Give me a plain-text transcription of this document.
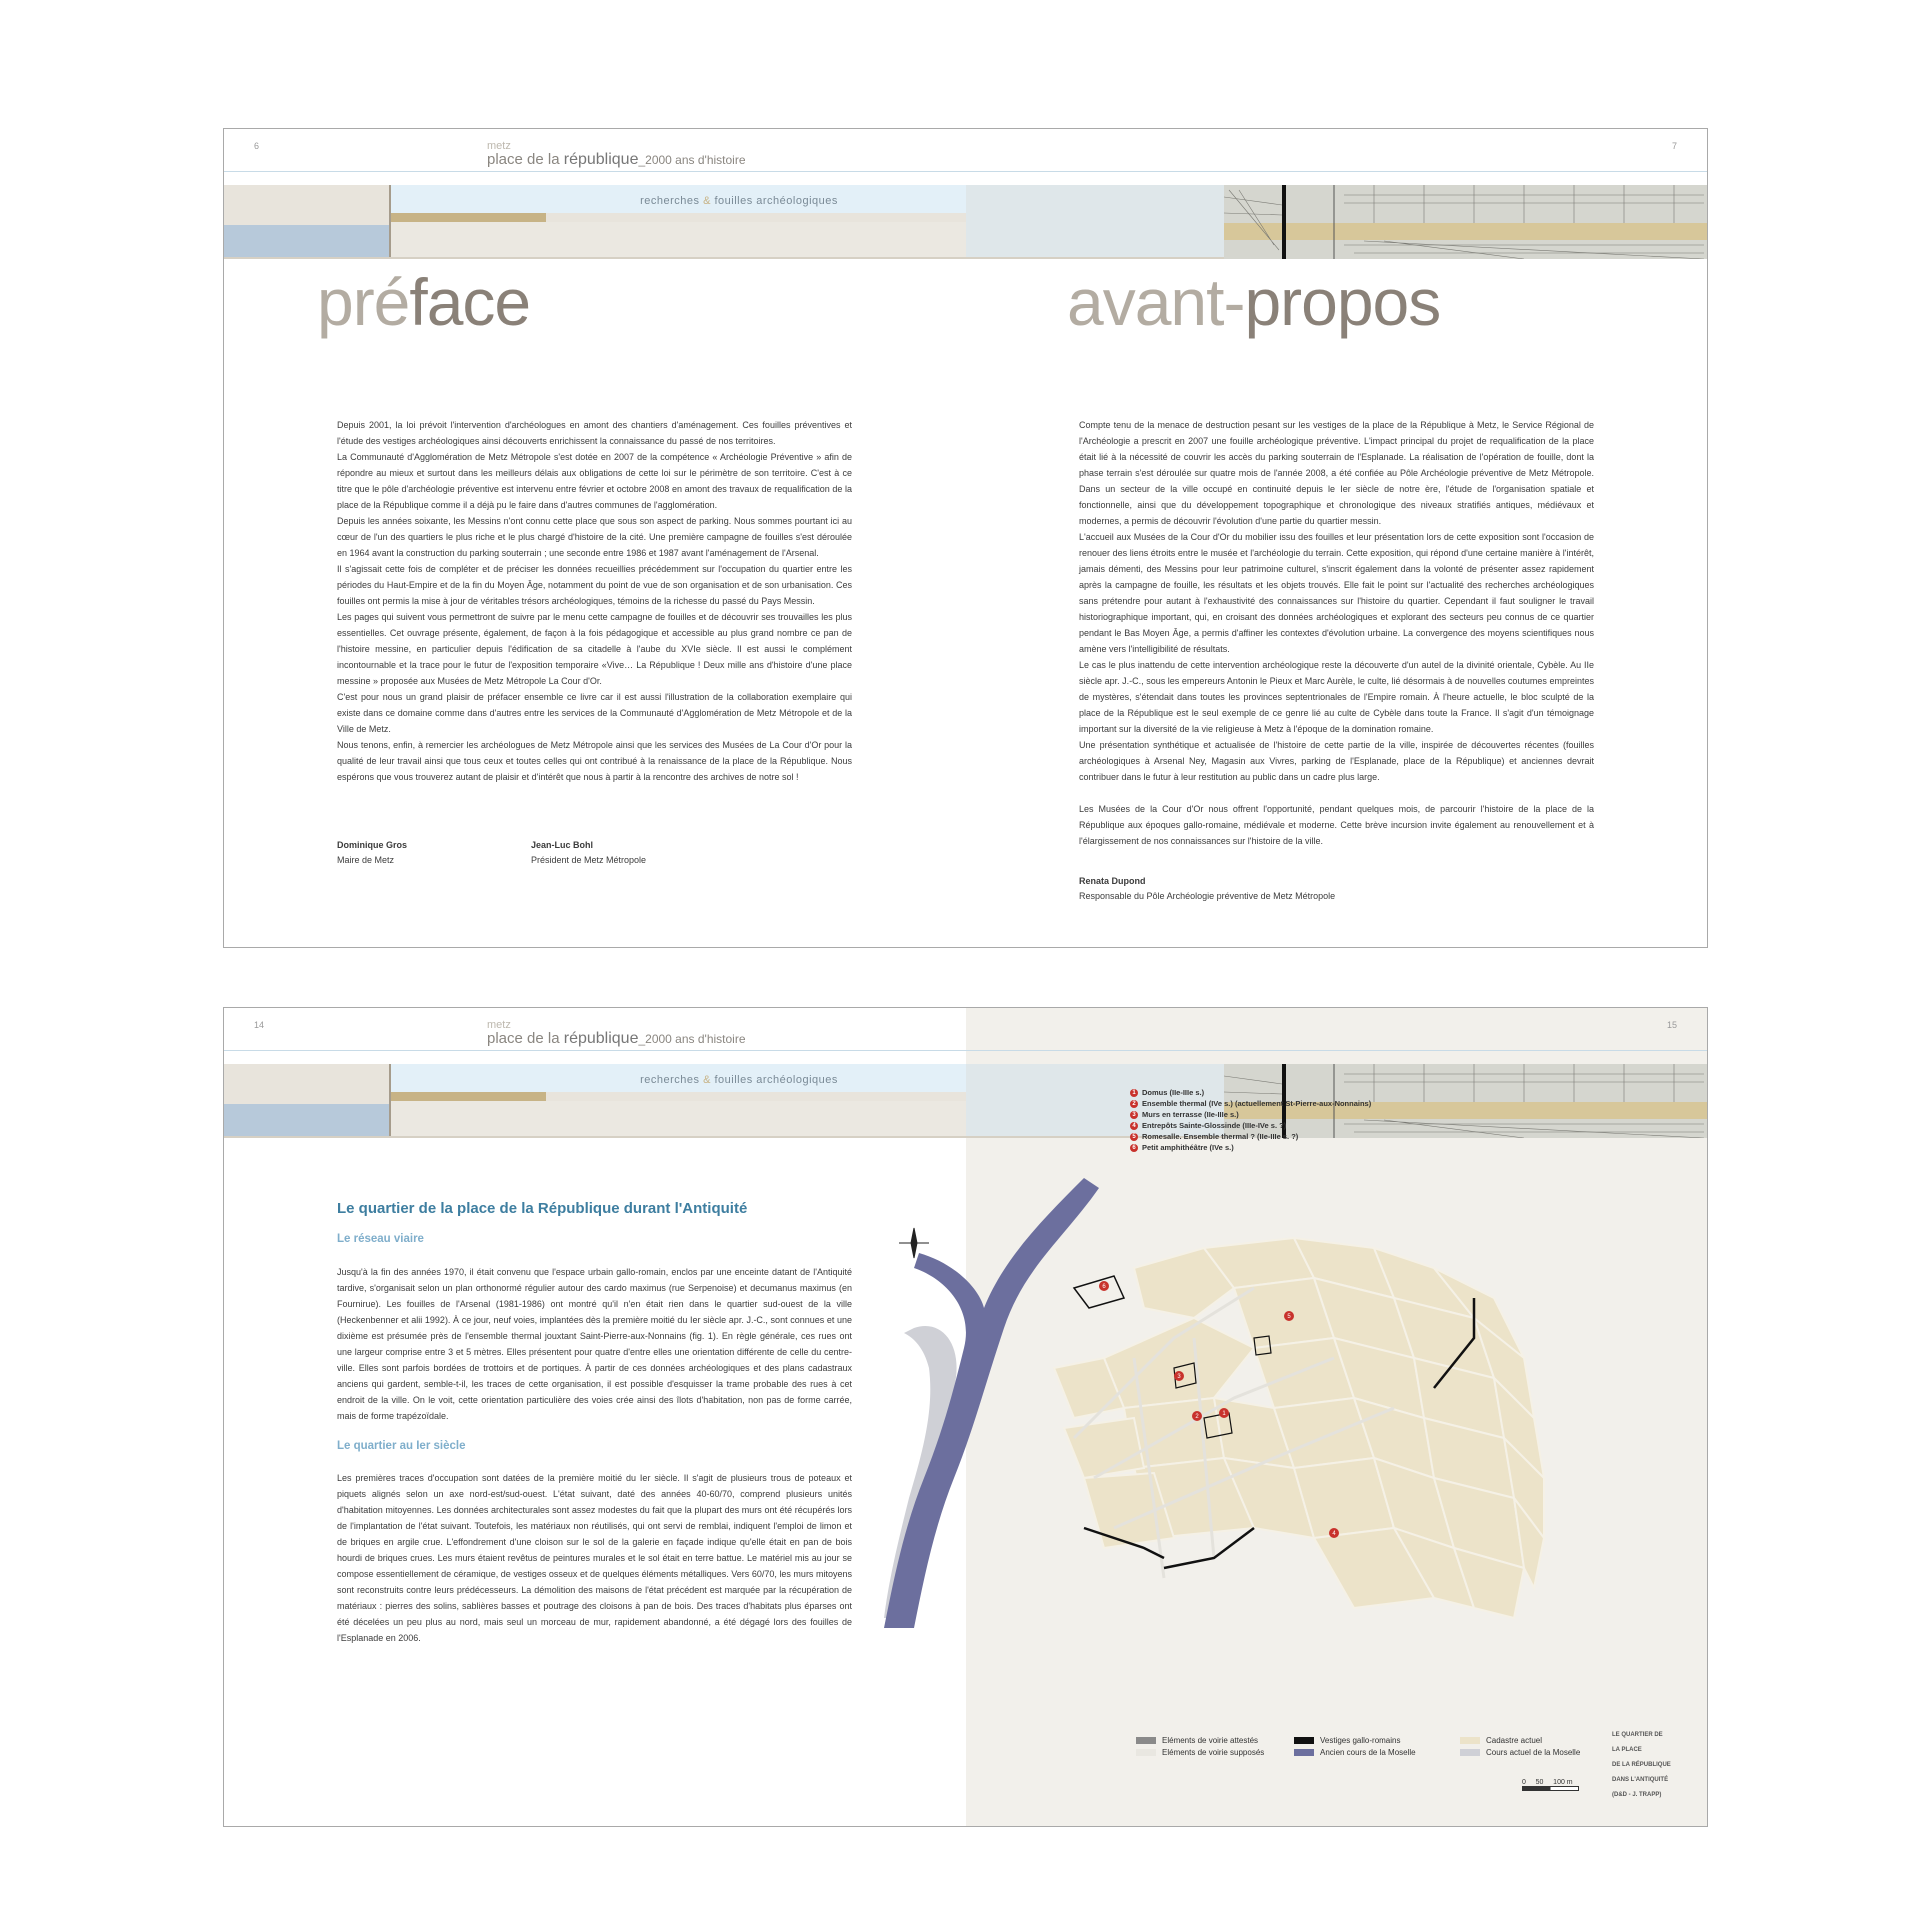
6	7
metz
place de la république_2000 ans d'histoire
recherches & fouilles archéologiques
préface	avant-propos

Depuis 2001, la loi prévoit l'intervention d'archéologues en amont des chantiers d'aménagement. Ces fouilles préventives et l'étude des vestiges archéologiques ainsi découverts enrichissent la connaissance du passé de nos territoires.

La Communauté d'Agglomération de Metz Métropole s'est dotée en 2007 de la compétence « Archéologie Préventive » afin de répondre au mieux et surtout dans les meilleurs délais aux obligations de cette loi sur le périmètre de son territoire. C'est à ce titre que le pôle d'archéologie préventive est intervenu entre février et octobre 2008 en amont des travaux de requalification de la place de la République comme il a déjà pu le faire dans d'autres communes de l'agglomération.

Depuis les années soixante, les Messins n'ont connu cette place que sous son aspect de parking. Nous sommes pourtant ici au cœur de l'un des quartiers le plus riche et le plus chargé d'histoire de la cité. Une première campagne de fouilles s'est déroulée en 1964 avant la construction du parking souterrain ; une seconde entre 1986 et 1987 avant l'aménagement de l'Arsenal.

Il s'agissait cette fois de compléter et de préciser les données recueillies précédemment sur l'occupation du quartier entre les périodes du Haut-Empire et de la fin du Moyen Âge, notamment du point de vue de son organisation et de son urbanisation. Ces fouilles ont permis la mise à jour de véritables trésors archéologiques, témoins de la richesse du passé du Pays Messin.

Les pages qui suivent vous permettront de suivre par le menu cette campagne de fouilles et de découvrir ses trouvailles les plus essentielles. Cet ouvrage présente, également, de façon à la fois pédagogique et accessible au plus grand nombre ce pan de l'histoire messine, en particulier depuis l'édification de sa citadelle à l'aube du XVIe siècle. Il est aussi le complément incontournable et la trace pour le futur de l'exposition temporaire «Vive… La République ! Deux mille ans d'histoire d'une place messine » proposée aux Musées de Metz Métropole La Cour d'Or.

C'est pour nous un grand plaisir de préfacer ensemble ce livre car il est aussi l'illustration de la collaboration exemplaire qui existe dans ce domaine comme dans d'autres entre les services de la Communauté d'Agglomération de Metz Métropole et de la Ville de Metz.

Nous tenons, enfin, à remercier les archéologues de Metz Métropole ainsi que les services des Musées de La Cour d'Or pour la qualité de leur travail ainsi que tous ceux et toutes celles qui ont contribué à la renaissance de la place de la République. Nous espérons que vous trouverez autant de plaisir et d'intérêt que nous à partir à la rencontre des archives de notre sol !

Dominique Gros
Maire de Metz
Jean-Luc Bohl
Président de Metz Métropole

Compte tenu de la menace de destruction pesant sur les vestiges de la place de la République à Metz, le Service Régional de l'Archéologie a prescrit en 2007 une fouille archéologique préventive. L'impact principal du projet de requalification de la place était lié à la nécessité de couvrir les accès du parking souterrain de l'Esplanade. La réalisation de l'opération de fouille, dont la phase terrain s'est déroulée sur quatre mois de l'année 2008, a été confiée au Pôle Archéologie préventive de Metz Métropole. Dans un secteur de la ville occupé en continuité depuis le Ier siècle de notre ère, l'étude de l'organisation spatiale et fonctionnelle, ainsi que du développement topographique et chronologique des niveaux stratifiés antiques, médiévaux et modernes, a permis de découvrir l'évolution d'une partie du quartier messin.

L'accueil aux Musées de la Cour d'Or du mobilier issu des fouilles et leur présentation lors de cette exposition sont l'occasion de renouer des liens étroits entre le musée et l'archéologie du terrain. Cette exposition, qui répond d'une certaine manière à l'intérêt, jamais démenti, des Messins pour leur patrimoine culturel, s'inscrit également dans la volonté de présenter assez rapidement après la campagne de fouille, les résultats et les objets trouvés. Elle fait le point sur l'actualité des recherches archéologiques sans prétendre pour autant à l'exhaustivité des connaissances sur l'histoire du quartier. Cependant il faut souligner le travail historiographique important, qui, en croisant des données archéologiques et explorant des secteurs peu connus de ce quartier pendant le Bas Moyen Âge, a permis d'affiner les contextes d'évolution urbaine. La convergence des moyens scientifiques nous amène vers l'intelligibilité de résultats.

Le cas le plus inattendu de cette intervention archéologique reste la découverte d'un autel de la divinité orientale, Cybèle. Au IIe siècle apr. J.-C., sous les empereurs Antonin le Pieux et Marc Aurèle, le culte, lié désormais à de nouvelles coutumes empreintes de mystères, s'étendait dans toutes les provinces septentrionales de l'Empire romain. À l'heure actuelle, le bloc sculpté de la place de la République est le seul exemple de ce genre lié au culte de Cybèle dans toute la France. Il s'agit d'un témoignage important sur la diversité de la vie religieuse à Metz à l'époque de la domination romaine.

Une présentation synthétique et actualisée de l'histoire de cette partie de la ville, inspirée de découvertes récentes (fouilles archéologiques à Arsenal Ney, Magasin aux Vivres, parking de l'Esplanade, place de la République) et anciennes devrait contribuer dans le futur à leur restitution au public dans un cadre plus large.

Les Musées de la Cour d'Or nous offrent l'opportunité, pendant quelques mois, de parcourir l'histoire de la place de la République aux époques gallo-romaine, médiévale et moderne. Cette brève incursion invite également au renouvellement et à l'élargissement de nos connaissances sur l'histoire de la ville.

Renata Dupond
Responsable du Pôle Archéologie préventive de Metz Métropole
14	15
metz
place de la république_2000 ans d'histoire
recherches & fouilles archéologiques
Le quartier de la place de la République durant l'Antiquité
Le réseau viaire
Jusqu'à la fin des années 1970, il était convenu que l'espace urbain gallo-romain, enclos par une enceinte datant de l'Antiquité tardive, s'organisait selon un plan orthonormé régulier autour des cardo maximus (rue Serpenoise) et decumanus maximus (en Fournirue). Les fouilles de l'Arsenal (1981-1986) ont montré qu'il n'en était rien dans le quartier sud-ouest de la ville (Heckenbenner et alii 1992). À ce jour, neuf voies, implantées dès la première moitié du Ier siècle apr. J.-C., sont connues et une dixième est présumée près de l'ensemble thermal jouxtant Saint-Pierre-aux-Nonnains (fig. 1). En règle générale, ces rues ont une largeur comprise entre 3 et 5 mètres. Elles présentent pour quatre d'entre elles une orientation différente de celle du centre-ville. Elles sont parfois bordées de trottoirs et de portiques. À partir de ces données archéologiques et des plans cadastraux anciens qui gardent, semble-t-il, les traces de cette organisation, il est possible d'esquisser la trame probable des rues à cet endroit de la ville. On le voit, cette orientation particulière des voies crée ainsi des îlots d'habitation, non pas de forme carrée, mais de forme trapézoïdale.
Le quartier au Ier siècle
Les premières traces d'occupation sont datées de la première moitié du Ier siècle. Il s'agit de plusieurs trous de poteaux et piquets alignés selon un axe nord-est/sud-ouest. L'état suivant, daté des années 40-60/70, comprend plusieurs unités d'habitation mitoyennes. Les données architecturales sont assez modestes du fait que la plupart des murs ont été récupérés lors de l'implantation de l'état suivant. Toutefois, les matériaux non réutilisés, qui ont servi de remblai, indiquent l'emploi de limon et de briques en argile crue. L'effondrement d'une cloison sur le sol de la galerie en façade indique qu'elle était en pan de bois hourdi de briques crues. Les murs étaient revêtus de peintures murales et le sol était en terre battue. Le matériel mis au jour se compose essentiellement de céramique, de vestiges osseux et de quelques éléments métalliques. Vers 60/70, les murs mitoyens sont reconstruits contre leurs prédécesseurs. La démolition des maisons de l'état précédent est marquée par la récupération de matériaux : pierres des solins, sablières basses et poutrage des cloisons à pan de bois. Des traces d'habitats plus éparses ont été décelées un peu plus au nord, mais seul un morceau de mur, rapidement abandonné, a été dégagé lors des fouilles de l'Esplanade en 2006.
1
2
3
4
5
6
1 Domus (IIe-IIIe s.)
2 Ensemble thermal (IVe s.) (actuellement St-Pierre-aux-Nonnains)
3 Murs en terrasse (IIe-IIIe s.)
4 Entrepôts Sainte-Glossinde (IIIe-IVe s. ?)
5 Romesalle. Ensemble thermal ? (IIe-IIIe s. ?)
6 Petit amphithéâtre (IVe s.)
Eléments de voirie attestés
Eléments de voirie supposés
Vestiges gallo-romains
Ancien cours de la Moselle
Cadastre actuel
Cours actuel de la Moselle
0 50 100 m
LE QUARTIER DE
LA PLACE
DE LA RÉPUBLIQUE
DANS L'ANTIQUITÉ
(D&D - J. TRAPP)
